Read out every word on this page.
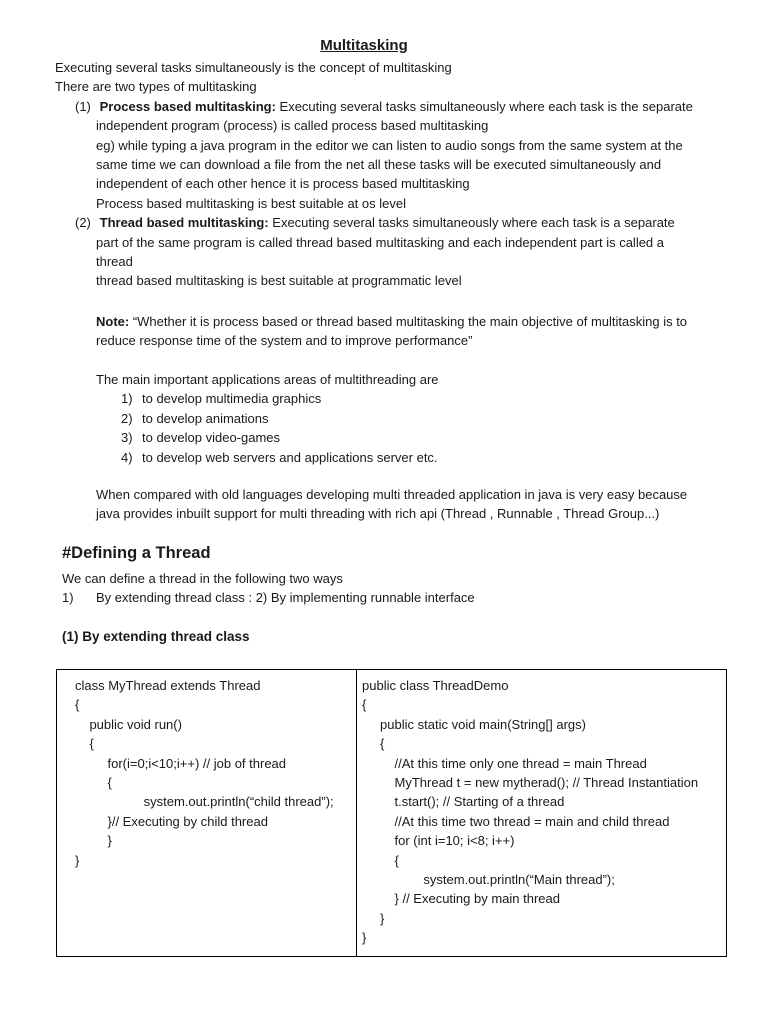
Multitasking
Executing several tasks simultaneously is the concept of multitasking
There are two types of multitasking
(1) Process based multitasking: Executing several tasks simultaneously where each task is the separate
independent program (process) is called process based multitasking
eg) while typing a java program in the editor we can listen to audio songs from the same system at the
same time we can download a file from the net all these tasks will be executed simultaneously and
independent of each other hence it is process based multitasking
Process based multitasking is best suitable at os level
(2) Thread based multitasking: Executing several tasks simultaneously where each task is a separate
part of the same program is called thread based multitasking and each independent part is called a
thread
thread based multitasking is best suitable at programmatic level
Note: “Whether it is process based or thread based multitasking the main objective of multitasking is to
reduce response time of the system and to improve performance”
The main important applications areas of multithreading are
1) to develop multimedia graphics
2) to develop animations
3) to develop video-games
4) to develop web servers and applications server etc.
When compared with old languages developing multi threaded application in java is very easy because
java provides inbuilt support for multi threading with rich api (Thread , Runnable , Thread Group...)
#Defining a Thread
We can define a thread in the following two ways
1) By extending thread class : 2) By implementing runnable interface
(1) By extending thread class
class MyThread extends Thread
{
public void run()
{
for(i=0;i<10;i++) // job of thread
{
system.out.println(“child thread”);
}// Executing by child thread
}
}

public class ThreadDemo
{
public static void main(String[] args)
{
//At this time only one thread = main Thread
MyThread t = new mytherad(); // Thread Instantiation
t.start(); // Starting of a thread
//At this time two thread = main and child thread
for (int i=10; i<8; i++)
{
system.out.println(“Main thread”);
} // Executing by main thread
}
}
